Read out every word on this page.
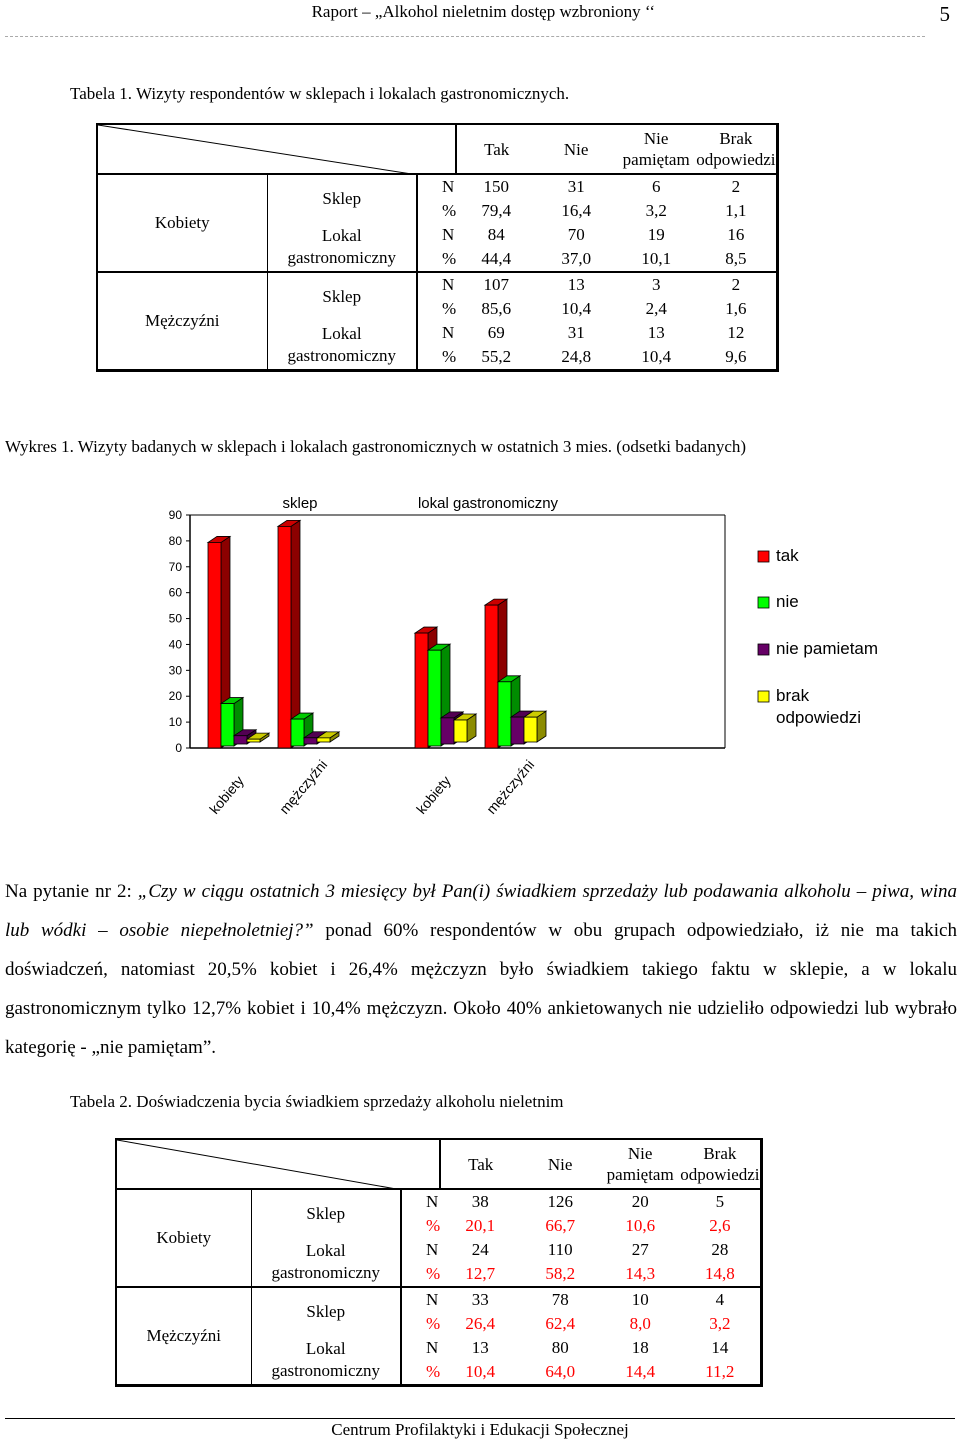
Raport – „Alkohol nieletnim dostęp wzbroniony ‘‘	5
Tabela 1. Wizyty respondentów w sklepach i lokalach gastronomicznych.
	Tak	Nie	Nie pamiętam	Brak odpowiedzi
Kobiety	Sklep	N	150	31	6	2
		%	79,4	16,4	3,2	1,1
	Lokal gastronomiczny	N	84	70	19	16
		%	44,4	37,0	10,1	8,5
Mężczyźni	Sklep	N	107	13	3	2
		%	85,6	10,4	2,4	1,6
	Lokal gastronomiczny	N	69	31	13	12
		%	55,2	24,8	10,4	9,6
Wykres 1. Wizyty badanych w sklepach i lokalach gastronomicznych w ostatnich 3 mies. (odsetki badanych)
0
10
20
30
40
50
60
70
80
90
sklep	lokal gastronomiczny
kobiety mężczyźni	kobiety mężczyźni
tak
nie
nie pamietam
brak
odpowiedzi
Na pytanie nr 2: „Czy w ciągu ostatnich 3 miesięcy był Pan(i) świadkiem sprzedaży lub podawania alkoholu – piwa, wina lub wódki – osobie niepełnoletniej?” ponad 60% respondentów w obu grupach odpowiedziało, iż nie ma takich doświadczeń, natomiast 20,5% kobiet i 26,4% mężczyzn było świadkiem takiego faktu w sklepie, a w lokalu gastronomicznym tylko 12,7% kobiet i 10,4% mężczyzn. Około 40% ankietowanych nie udzieliło odpowiedzi lub wybrało kategorię - „nie pamiętam”.
Tabela 2. Doświadczenia bycia świadkiem sprzedaży alkoholu nieletnim
	Tak	Nie	Nie pamiętam	Brak odpowiedzi
Kobiety	Sklep	N	38	126	20	5
		%	20,1	66,7	10,6	2,6
	Lokal gastronomiczny	N	24	110	27	28
		%	12,7	58,2	14,3	14,8
Mężczyźni	Sklep	N	33	78	10	4
		%	26,4	62,4	8,0	3,2
	Lokal gastronomiczny	N	13	80	18	14
		%	10,4	64,0	14,4	11,2
Centrum Profilaktyki i Edukacji Społecznej
